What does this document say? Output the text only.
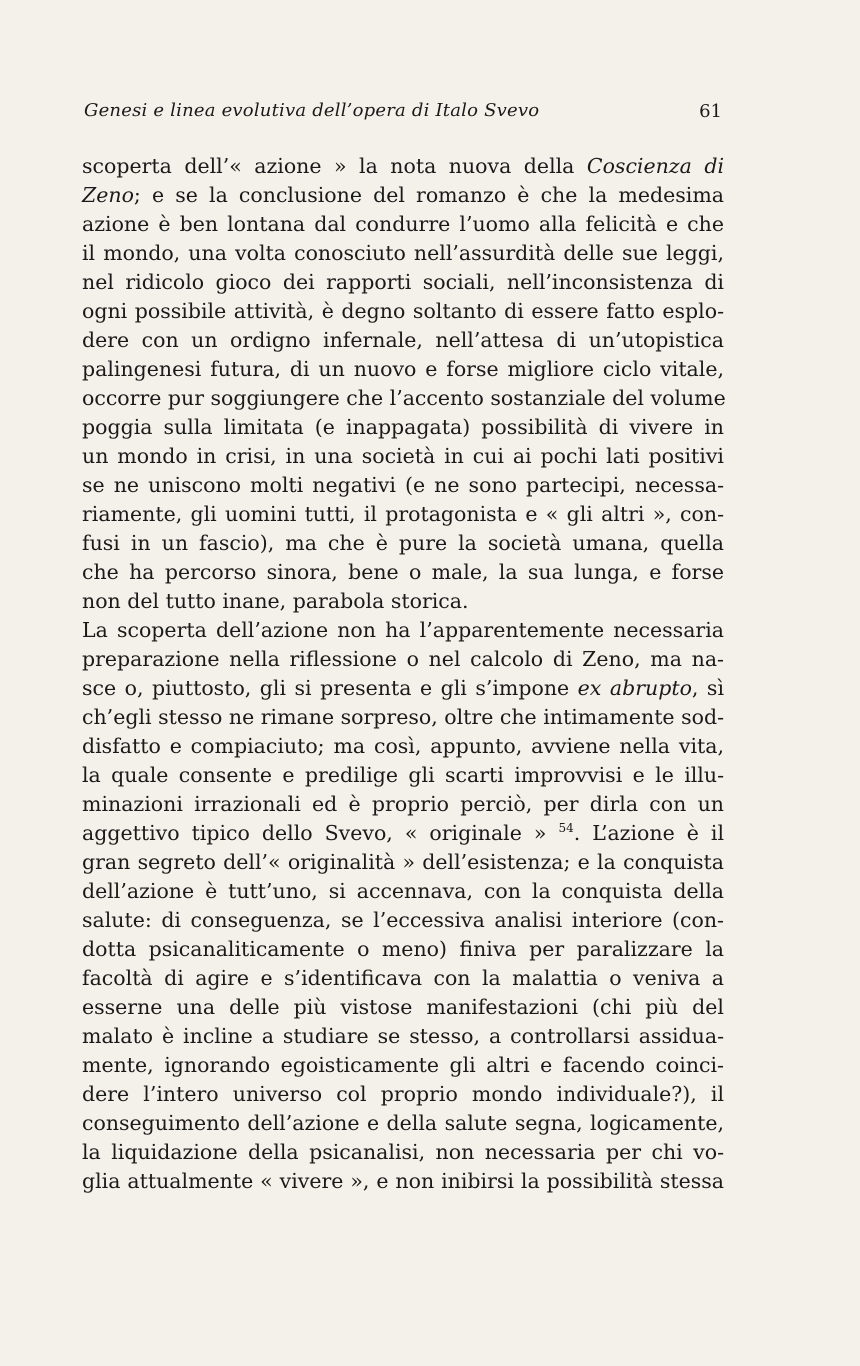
Genesi e linea evolutiva dell’opera di Italo Svevo	61
scoperta dell’« azione » la nota nuova della Coscienza di
Zeno; e se la conclusione del romanzo è che la medesima
azione è ben lontana dal condurre l’uomo alla felicità e che
il mondo, una volta conosciuto nell’assurdità delle sue leggi,
nel ridicolo gioco dei rapporti sociali, nell’inconsistenza di
ogni possibile attività, è degno soltanto di essere fatto esplo-
dere con un ordigno infernale, nell’attesa di un’utopistica
palingenesi futura, di un nuovo e forse migliore ciclo vitale,
occorre pur soggiungere che l’accento sostanziale del volume
poggia sulla limitata (e inappagata) possibilità di vivere in
un mondo in crisi, in una società in cui ai pochi lati positivi
se ne uniscono molti negativi (e ne sono partecipi, necessa-
riamente, gli uomini tutti, il protagonista e « gli altri », con-
fusi in un fascio), ma che è pure la società umana, quella
che ha percorso sinora, bene o male, la sua lunga, e forse
non del tutto inane, parabola storica.
La scoperta dell’azione non ha l’apparentemente necessaria
preparazione nella riflessione o nel calcolo di Zeno, ma na-
sce o, piuttosto, gli si presenta e gli s’impone ex abrupto, sì
ch’egli stesso ne rimane sorpreso, oltre che intimamente sod-
disfatto e compiaciuto; ma così, appunto, avviene nella vita,
la quale consente e predilige gli scarti improvvisi e le illu-
minazioni irrazionali ed è proprio perciò, per dirla con un
aggettivo tipico dello Svevo, « originale » $^{54}$. L’azione è il
gran segreto dell’« originalità » dell’esistenza; e la conquista
dell’azione è tutt’uno, si accennava, con la conquista della
salute: di conseguenza, se l’eccessiva analisi interiore (con-
dotta psicanaliticamente o meno) finiva per paralizzare la
facoltà di agire e s’identificava con la malattia o veniva a
esserne una delle più vistose manifestazioni (chi più del
malato è incline a studiare se stesso, a controllarsi assidua-
mente, ignorando egoisticamente gli altri e facendo coinci-
dere l’intero universo col proprio mondo individuale?), il
conseguimento dell’azione e della salute segna, logicamente,
la liquidazione della psicanalisi, non necessaria per chi vo-
glia attualmente « vivere », e non inibirsi la possibilità stessa
